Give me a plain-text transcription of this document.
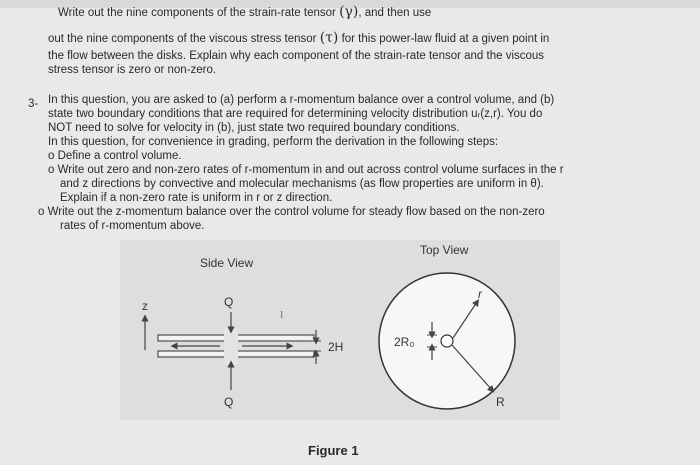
Write out the nine components of the strain-rate tensor (γ), and then use
out the nine components of the viscous stress tensor (τ) for this power-law fluid at a given point in
the flow between the disks. Explain why each component of the strain-rate tensor and the viscous
stress tensor is zero or non-zero.
3- In this question, you are asked to (a) perform a r-momentum balance over a control volume, and (b)
state two boundary conditions that are required for determining velocity distribution uᵣ(z,r). You do
NOT need to solve for velocity in (b), just state two required boundary conditions.
In this question, for convenience in grading, perform the derivation in the following steps:
o Define a control volume.
o Write out zero and non-zero rates of r-momentum in and out across control volume surfaces in the r
and z directions by convective and molecular mechanisms (as flow properties are uniform in θ).
Explain if a non-zero rate is uniform in r or z direction.
o Write out the z-momentum balance over the control volume for steady flow based on the non-zero
rates of r-momentum above.
Side View
z	Q
Q
I
2H
Top View
2R₀
r
R
Figure 1
